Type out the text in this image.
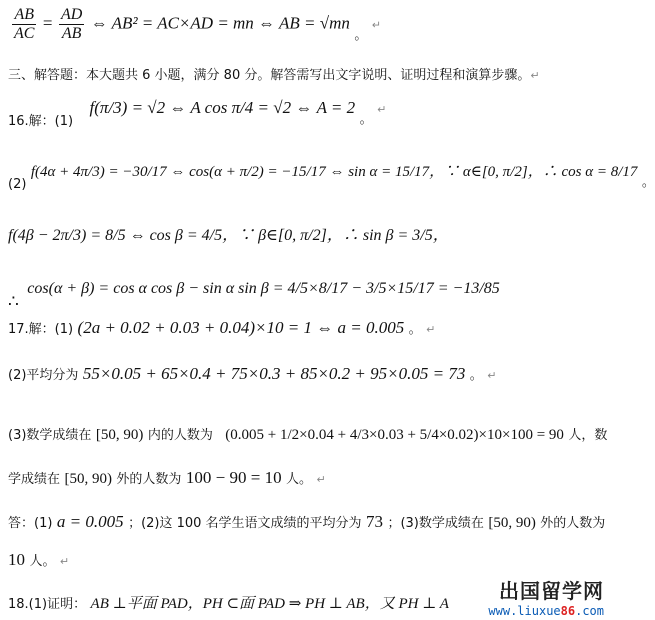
$\frac{AB}{AC} = \frac{AD}{AB}$ ⇔ AB² = AC×AD = mn ⇔ AB = √mn 。 ↵
三、解答题：本大题共 6 小题，满分 80 分。解答需写出文字说明、证明过程和演算步骤。↵
16.解：(1) f(π/3) = √2 ⇔ A cos π/4 = √2 ⇔ A = 2 。 ↵
(2) f(4α + 4π/3) = −30/17 ⇔ cos(α + π/2) = −15/17 ⇔ sin α = 15/17，∵ α∈[0, π/2]，∴ cos α = 8/17 。
f(4β − 2π/3) = 8/5 ⇔ cos β = 4/5，∵ β∈[0, π/2]，∴ sin β = 3/5，
∴ cos(α + β) = cos α cos β − sin α sin β = 4/5×8/17 − 3/5×15/17 = −13/85
17.解：(1) (2a + 0.02 + 0.03 + 0.04)×10 = 1 ⇔ a = 0.005 。 ↵
(2)平均分为 55×0.05 + 65×0.4 + 75×0.3 + 85×0.2 + 95×0.05 = 73 。 ↵
(3)数学成绩在 [50, 90) 内的人数为 (0.005 + 1/2×0.04 + 4/3×0.03 + 5/4×0.02)×10×100 = 90 人，数
学成绩在 [50, 90) 外的人数为 100 − 90 = 10 人。 ↵
答：(1) a = 0.005 ；(2)这 100 名学生语文成绩的平均分为 73 ；(3)数学成绩在 [50, 90) 外的人数为
10 人。 ↵
18.(1)证明： AB ⊥平面 PAD，PH ⊂面 PAD ⇒ PH ⊥ AB，又 PH ⊥ A
出国留学网
www.liuxue86.com
